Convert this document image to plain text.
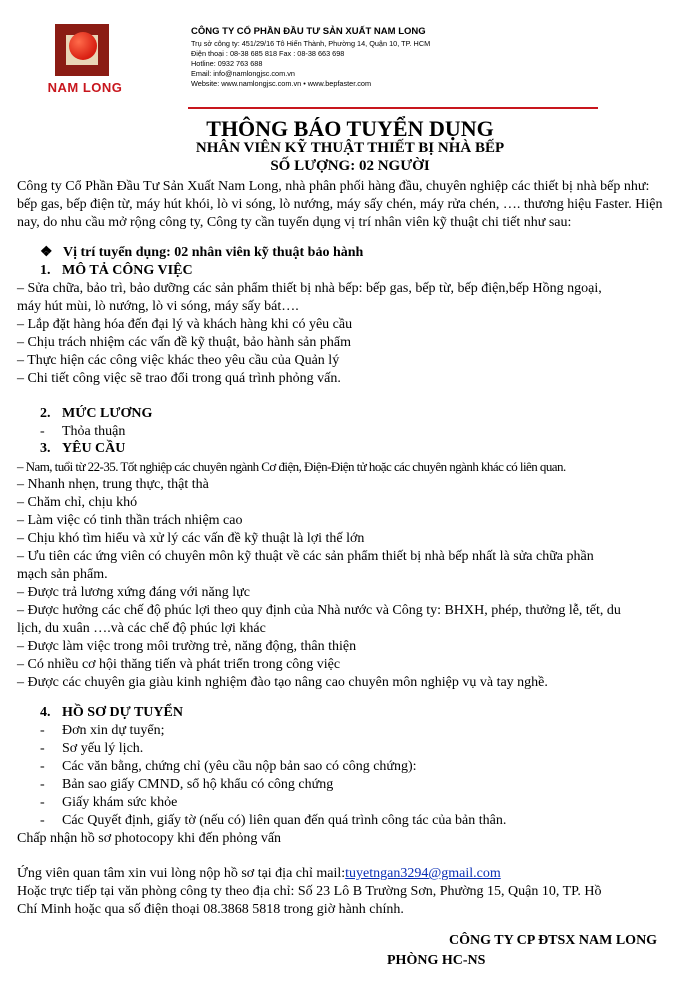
NAM LONG
CÔNG TY CỔ PHẦN ĐẦU TƯ SẢN XUẤT NAM LONG
Trụ sở công ty: 451/29/16 Tô Hiến Thành, Phường 14, Quận 10, TP. HCM
Điện thoại : 08-38 685 818 Fax : 08-38 663 698
Hotline: 0932 763 688
Email: info@namlongjsc.com.vn
Website: www.namlongjsc.com.vn • www.bepfaster.com
THÔNG BÁO TUYỂN DỤNG
NHÂN VIÊN KỸ THUẬT THIẾT BỊ NHÀ BẾP
SỐ LƯỢNG: 02 NGƯỜI
Công ty Cổ Phần Đầu Tư Sản Xuất Nam Long, nhà phân phối hàng đầu, chuyên nghiệp các thiết bị nhà bếp như:
bếp gas, bếp điện từ, máy hút khói, lò vi sóng, lò nướng, máy sấy chén, máy rửa chén, …. thương hiệu Faster. Hiện
nay, do nhu cầu mở rộng công ty, Công ty cần tuyển dụng vị trí nhân viên kỹ thuật chi tiết như sau:
❖ Vị trí tuyển dụng: 02 nhân viên kỹ thuật bảo hành
1. MÔ TẢ CÔNG VIỆC
– Sửa chữa, bảo trì, bảo dưỡng các sản phẩm thiết bị nhà bếp: bếp gas, bếp từ, bếp điện,bếp Hồng ngoại,
máy hút mùi, lò nướng, lò vi sóng, máy sấy bát….
– Lắp đặt hàng hóa đến đại lý và khách hàng khi có yêu cầu
– Chịu trách nhiệm các vấn đề kỹ thuật, bảo hành sản phẩm
– Thực hiện các công việc khác theo yêu cầu của Quản lý
– Chi tiết công việc sẽ trao đổi trong quá trình phỏng vấn.
2. MỨC LƯƠNG
- Thỏa thuận
3. YÊU CẦU
– Nam, tuổi từ 22-35. Tốt nghiệp các chuyên ngành Cơ điện, Điện-Điện tử hoặc các chuyên ngành khác có liên quan.
– Nhanh nhẹn, trung thực, thật thà
– Chăm chỉ, chịu khó
– Làm việc có tinh thần trách nhiệm cao
– Chịu khó tìm hiểu và xử lý các vấn đề kỹ thuật là lợi thế lớn
– Ưu tiên các ứng viên có chuyên môn kỹ thuật về các sản phẩm thiết bị nhà bếp nhất là sửa chữa phần
mạch sản phẩm.
– Được trả lương xứng đáng với năng lực
– Được hưởng các chế độ phúc lợi theo quy định của Nhà nước và Công ty: BHXH, phép, thưởng lễ, tết, du
lịch, du xuân ….và các chế độ phúc lợi khác
– Được làm việc trong môi trường trẻ, năng động, thân thiện
– Có nhiều cơ hội thăng tiến và phát triển trong công việc
– Được các chuyên gia giàu kinh nghiệm đào tạo nâng cao chuyên môn nghiệp vụ và tay nghề.
4. HỒ SƠ DỰ TUYỂN
- Đơn xin dự tuyển;
- Sơ yếu lý lịch.
- Các văn bằng, chứng chỉ (yêu cầu nộp bản sao có công chứng):
- Bản sao giấy CMND, sổ hộ khẩu có công chứng
- Giấy khám sức khỏe
- Các Quyết định, giấy tờ (nếu có) liên quan đến quá trình công tác của bản thân.
Chấp nhận hồ sơ photocopy khi đến phỏng vấn
Ứng viên quan tâm xin vui lòng nộp hồ sơ tại địa chỉ mail:tuyetngan3294@gmail.com
Hoặc trực tiếp tại văn phòng công ty theo địa chỉ: Số 23 Lô B Trường Sơn, Phường 15, Quận 10, TP. Hồ
Chí Minh hoặc qua số điện thoại 08.3868 5818 trong giờ hành chính.
CÔNG TY CP ĐTSX NAM LONG
PHÒNG HC-NS
